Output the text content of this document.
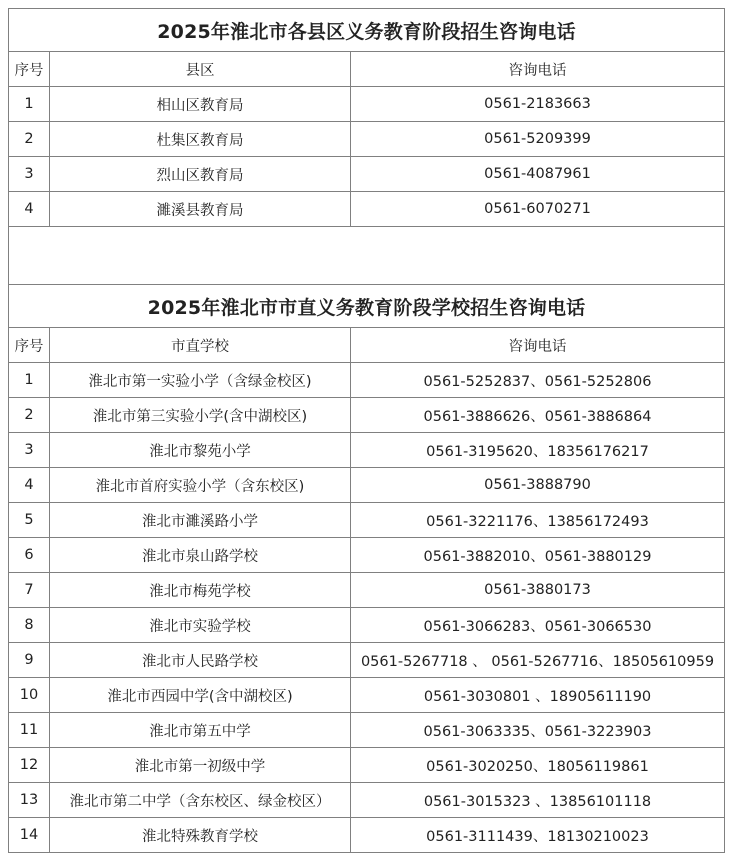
2025年淮北市各县区义务教育阶段招生咨询电话		
序号	县区	咨询电话
1	相山区教育局	0561-2183663
2	杜集区教育局	0561-5209399
3	烈山区教育局	0561-4087961
4	濉溪县教育局	0561-6070271

2025年淮北市市直义务教育阶段学校招生咨询电话		
序号	市直学校	咨询电话
1	淮北市第一实验小学（含绿金校区)	0561-5252837、0561-5252806
2	淮北市第三实验小学(含中湖校区)	0561-3886626、0561-3886864
3	淮北市黎苑小学	0561-3195620、18356176217
4	淮北市首府实验小学（含东校区)	0561-3888790
5	淮北市濉溪路小学	0561-3221176、13856172493
6	淮北市泉山路学校	0561-3882010、0561-3880129
7	淮北市梅苑学校	0561-3880173
8	淮北市实验学校	0561-3066283、0561-3066530
9	淮北市人民路学校	0561-5267718 、 0561-5267716、18505610959
10	淮北市西园中学(含中湖校区)	0561-3030801 、18905611190
11	淮北市第五中学	0561-3063335、0561-3223903
12	淮北市第一初级中学	0561-3020250、18056119861
13	淮北市第二中学（含东校区、绿金校区）	0561-3015323 、13856101118
14	淮北特殊教育学校	0561-3111439、18130210023
